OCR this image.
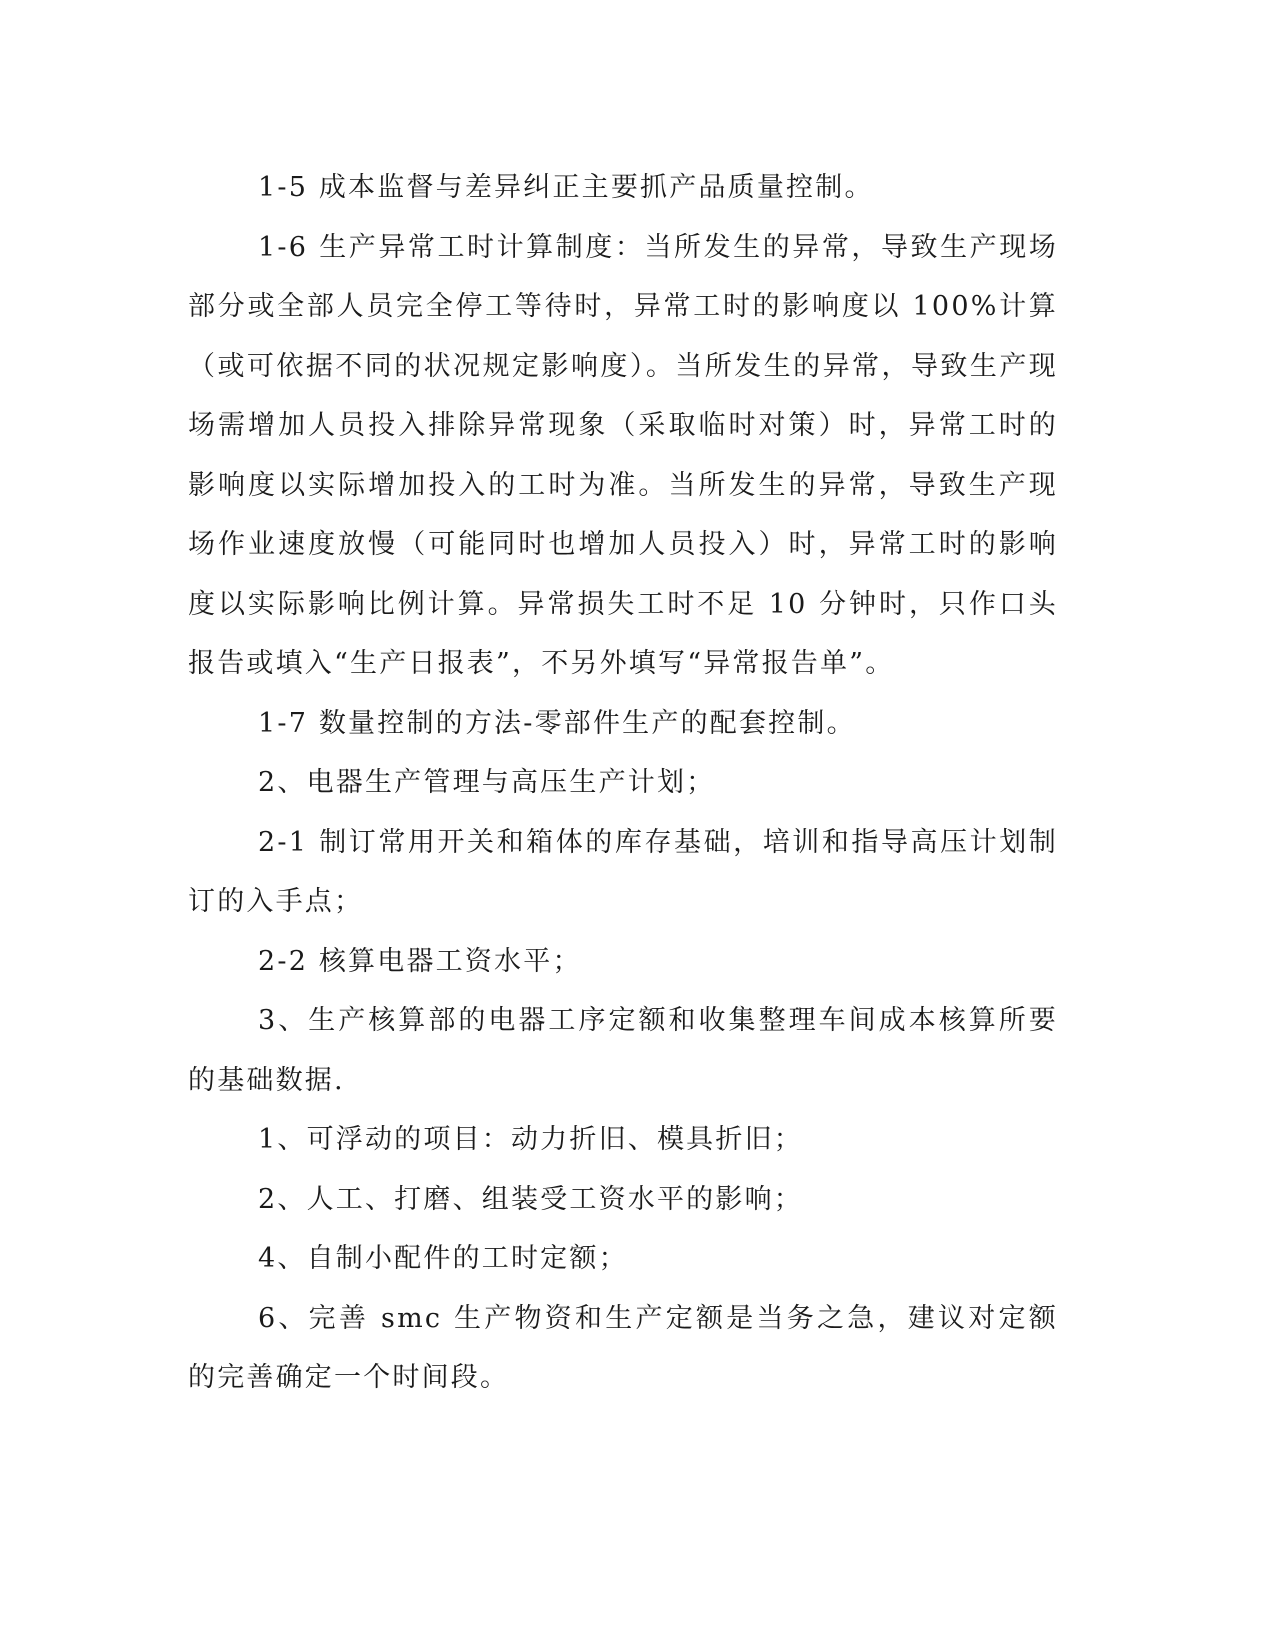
1-5 成本监督与差异纠正主要抓产品质量控制。

1-6 生产异常工时计算制度：当所发生的异常，导致生产现场部分或全部人员完全停工等待时，异常工时的影响度以 100%计算（或可依据不同的状况规定影响度）。当所发生的异常，导致生产现场需增加人员投入排除异常现象（采取临时对策）时，异常工时的影响度以实际增加投入的工时为准。当所发生的异常，导致生产现场作业速度放慢（可能同时也增加人员投入）时，异常工时的影响度以实际影响比例计算。异常损失工时不足 10 分钟时，只作口头报告或填入“生产日报表”，不另外填写“异常报告单”。

1-7 数量控制的方法-零部件生产的配套控制。

2、电器生产管理与高压生产计划；

2-1 制订常用开关和箱体的库存基础，培训和指导高压计划制订的入手点；

2-2 核算电器工资水平；

3、生产核算部的电器工序定额和收集整理车间成本核算所要的基础数据.

1、可浮动的项目：动力折旧、模具折旧；

2、人工、打磨、组装受工资水平的影响；

4、自制小配件的工时定额；

6、完善 smc 生产物资和生产定额是当务之急，建议对定额的完善确定一个时间段。
